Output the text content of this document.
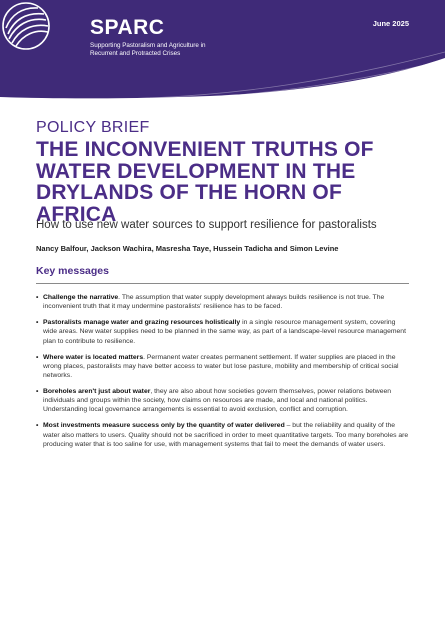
SPARC
Supporting Pastoralism and Agriculture in Recurrent and Protracted Crises
June 2025
POLICY BRIEF
THE INCONVENIENT TRUTHS OF WATER DEVELOPMENT IN THE DRYLANDS OF THE HORN OF AFRICA
How to use new water sources to support resilience for pastoralists
Nancy Balfour, Jackson Wachira, Masresha Taye, Hussein Tadicha and Simon Levine
Key messages
• Challenge the narrative. The assumption that water supply development always builds resilience is not true. The inconvenient truth that it may undermine pastoralists' resilience has to be faced.
• Pastoralists manage water and grazing resources holistically in a single resource management system, covering wide areas. New water supplies need to be planned in the same way, as part of a landscape-level resource management plan to contribute to resilience.
• Where water is located matters. Permanent water creates permanent settlement. If water supplies are placed in the wrong places, pastoralists may have better access to water but lose pasture, mobility and membership of critical social networks.
• Boreholes aren't just about water, they are also about how societies govern themselves, power relations between individuals and groups within the society, how claims on resources are made, and local and national politics. Understanding local governance arrangements is essential to avoid exclusion, conflict and corruption.
• Most investments measure success only by the quantity of water delivered – but the reliability and quality of the water also matters to users. Quality should not be sacrificed in order to meet quantitative targets. Too many boreholes are producing water that is too saline for use, with management systems that fail to meet the demands of water users.
